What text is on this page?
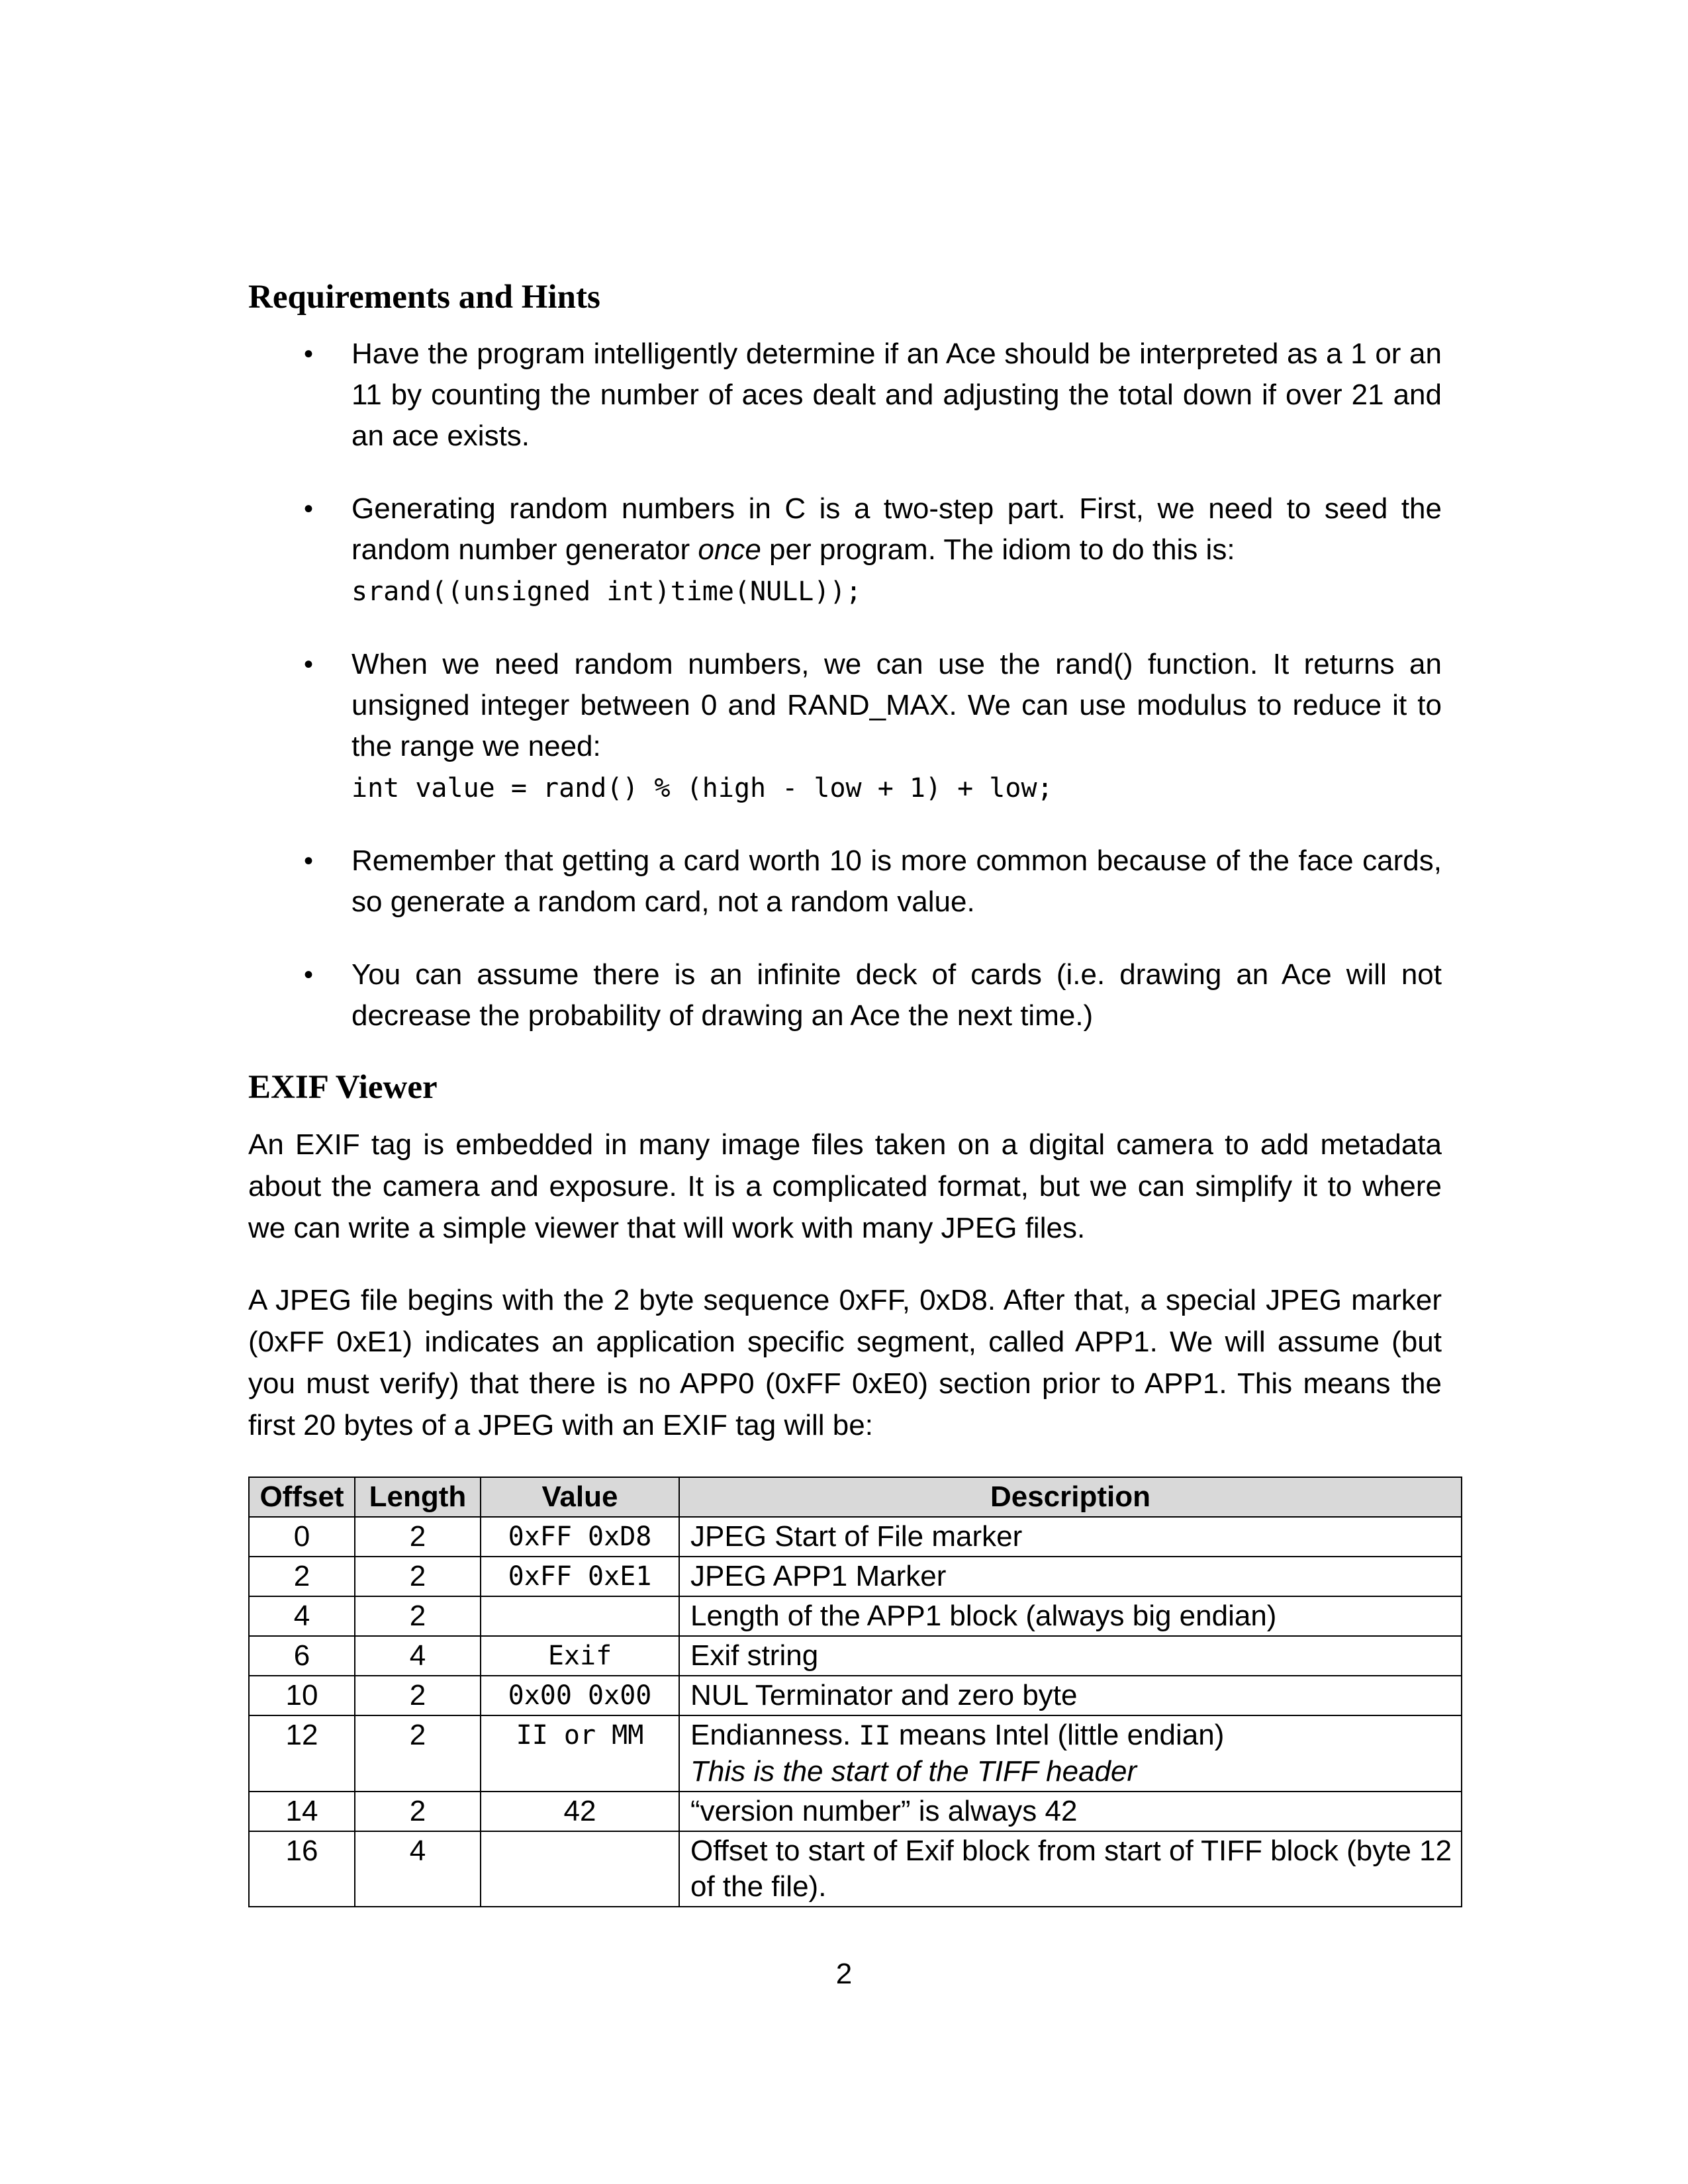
Requirements and Hints
•	Have the program intelligently determine if an Ace should be interpreted as a 1 or an 11 by counting the number of aces dealt and adjusting the total down if over 21 and an ace exists.
•	Generating random numbers in C is a two-step part. First, we need to seed the random number generator once per program. The idiom to do this is:
srand((unsigned int)time(NULL));
•	When we need random numbers, we can use the rand() function. It returns an unsigned integer between 0 and RAND_MAX. We can use modulus to reduce it to the range we need:
int value = rand() % (high - low + 1) + low;
•	Remember that getting a card worth 10 is more common because of the face cards, so generate a random card, not a random value.
•	You can assume there is an infinite deck of cards (i.e. drawing an Ace will not decrease the probability of drawing an Ace the next time.)
EXIF Viewer

An EXIF tag is embedded in many image files taken on a digital camera to add metadata about the camera and exposure. It is a complicated format, but we can simplify it to where we can write a simple viewer that will work with many JPEG files.

A JPEG file begins with the 2 byte sequence 0xFF, 0xD8. After that, a special JPEG marker (0xFF 0xE1) indicates an application specific segment, called APP1. We will assume (but you must verify) that there is no APP0 (0xFF 0xE0) section prior to APP1. This means the first 20 bytes of a JPEG with an EXIF tag will be:

Offset	Length	Value	Description
0	2	0xFF 0xD8	JPEG Start of File marker

2	2	0xFF 0xE1	JPEG APP1 Marker

4	2		Length of the APP1 block (always big endian)

6	4	Exif	Exif string

10	2	0x00 0x00	NUL Terminator and zero byte

12	2	II or MM	Endianness. II means Intel (little endian)
This is the start of the TIFF header

14	2	42	“version number” is always 42

16	4		Offset to start of Exif block from start of TIFF block (byte 12 of the file).
2
